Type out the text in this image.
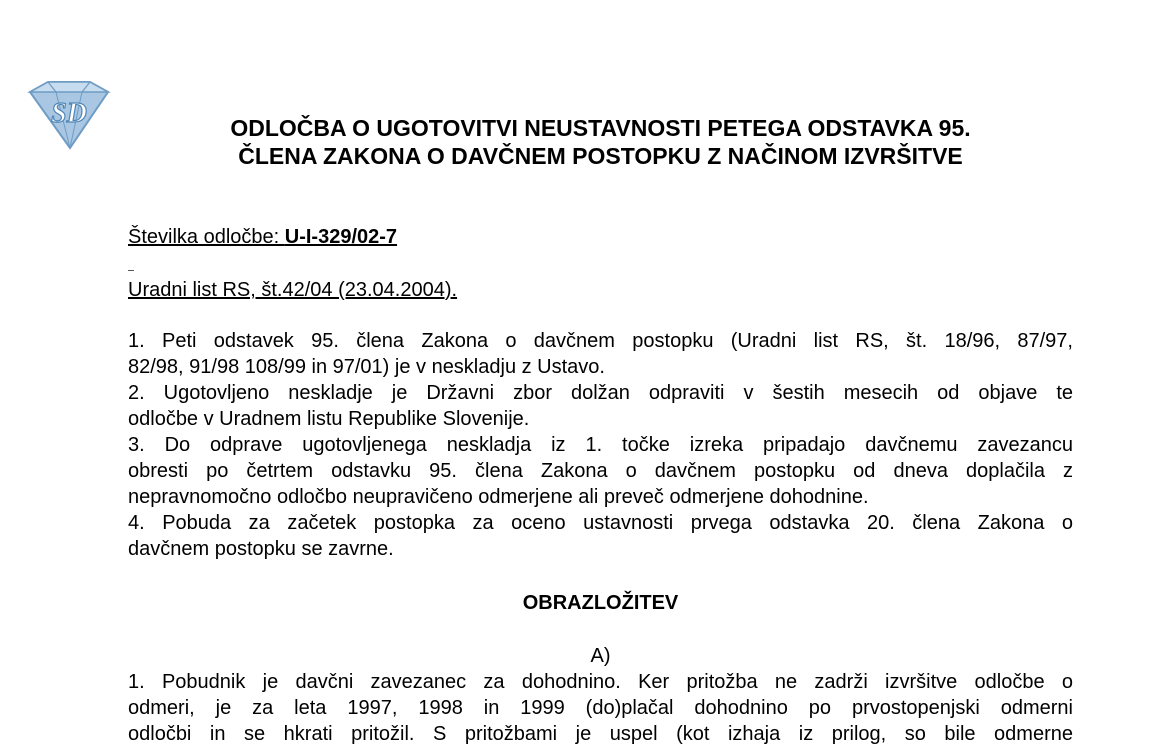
SD	ODLOČBA O UGOTOVITVI NEUSTAVNOSTI PETEGA ODSTAVKA 95.
ČLENA ZAKONA O DAVČNEM POSTOPKU Z NAČINOM IZVRŠITVE
Številka odločbe: U-I-329/02-7
Uradni list RS, št.42/04 (23.04.2004).
1. Peti odstavek 95. člena Zakona o davčnem postopku (Uradni list RS, št. 18/96, 87/97,
82/98, 91/98 108/99 in 97/01) je v neskladju z Ustavo.
2. Ugotovljeno neskladje je Državni zbor dolžan odpraviti v šestih mesecih od objave te
odločbe v Uradnem listu Republike Slovenije.
3. Do odprave ugotovljenega neskladja iz 1. točke izreka pripadajo davčnemu zavezancu
obresti po četrtem odstavku 95. člena Zakona o davčnem postopku od dneva doplačila z
nepravnomočno odločbo neupravičeno odmerjene ali preveč odmerjene dohodnine.
4. Pobuda za začetek postopka za oceno ustavnosti prvega odstavka 20. člena Zakona o
davčnem postopku se zavrne.
OBRAZLOŽITEV
A)
1. Pobudnik je davčni zavezanec za dohodnino. Ker pritožba ne zadrži izvršitve odločbe o
odmeri, je za leta 1997, 1998 in 1999 (do)plačal dohodnino po prvostopenjski odmerni
odločbi in se hkrati pritožil. S pritožbami je uspel (kot izhaja iz prilog, so bile odmerne
